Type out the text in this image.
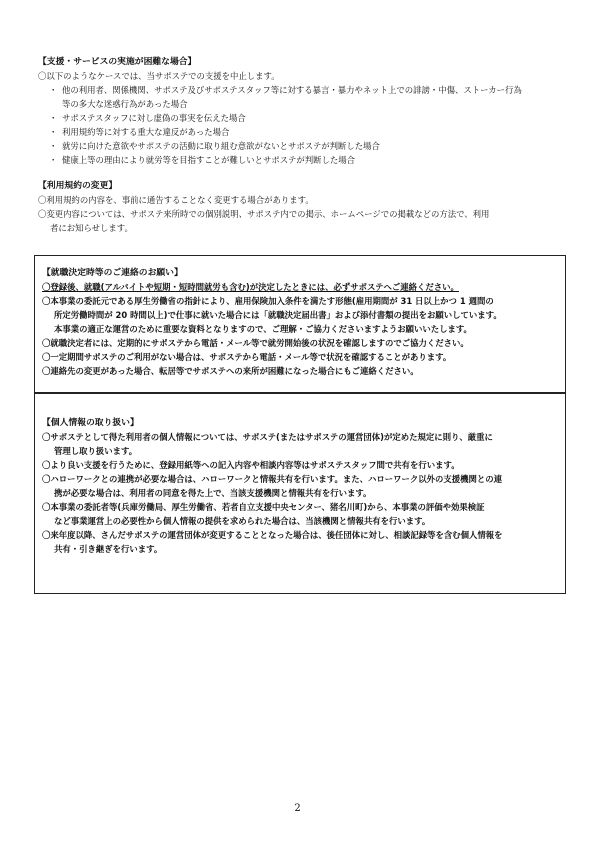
【支援・サービスの実施が困難な場合】
〇以下のようなケースでは、当サポステでの支援を中止します。
・ 他の利用者、関係機関、サポステ及びサポステスタッフ等に対する暴言・暴力やネット上での誹謗・中傷、ストーカー行為
等の多大な迷惑行為があった場合
・ サポステスタッフに対し虚偽の事実を伝えた場合
・ 利用規約等に対する重大な違反があった場合
・ 就労に向けた意欲やサポステの活動に取り組む意欲がないとサポステが判断した場合
・ 健康上等の理由により就労等を目指すことが難しいとサポステが判断した場合
【利用規約の変更】
〇利用規約の内容を、事前に通告することなく変更する場合があります。
〇変更内容については、サポステ来所時での個別説明、サポステ内での掲示、ホームページでの掲載などの方法で、利用
者にお知らせします。
【就職決定時等のご連絡のお願い】
〇登録後、就職(アルバイトや短期・短時間就労も含む)が決定したときには、必ずサポステへご連絡ください。
〇本事業の委託元である厚生労働省の指針により、雇用保険加入条件を満たす形態(雇用期間が 31 日以上かつ 1 週間の
所定労働時間が 20 時間以上)で仕事に就いた場合には「就職決定届出書」および添付書類の提出をお願いしています。
本事業の適正な運営のために重要な資料となりますので、ご理解・ご協力くださいますようお願いいたします。
〇就職決定者には、定期的にサポステから電話・メール等で就労開始後の状況を確認しますのでご協力ください。
〇一定期間サポステのご利用がない場合は、サポステから電話・メール等で状況を確認することがあります。
〇連絡先の変更があった場合、転居等でサポステへの来所が困難になった場合にもご連絡ください。
【個人情報の取り扱い】
〇サポステとして得た利用者の個人情報については、サポステ(またはサポステの運営団体)が定めた規定に則り、厳重に
管理し取り扱います。
〇より良い支援を行うために、登録用紙等への記入内容や相談内容等はサポステスタッフ間で共有を行います。
〇ハローワークとの連携が必要な場合は、ハローワークと情報共有を行います。また、ハローワーク以外の支援機関との連
携が必要な場合は、利用者の同意を得た上で、当該支援機関と情報共有を行います。
〇本事業の委託者等(兵庫労働局、厚生労働省、若者自立支援中央センター、猪名川町)から、本事業の評価や効果検証
など事業運営上の必要性から個人情報の提供を求められた場合は、当該機関と情報共有を行います。
〇来年度以降、さんだサポステの運営団体が変更することとなった場合は、後任団体に対し、相談記録等を含む個人情報を
共有・引き継ぎを行います。
2
